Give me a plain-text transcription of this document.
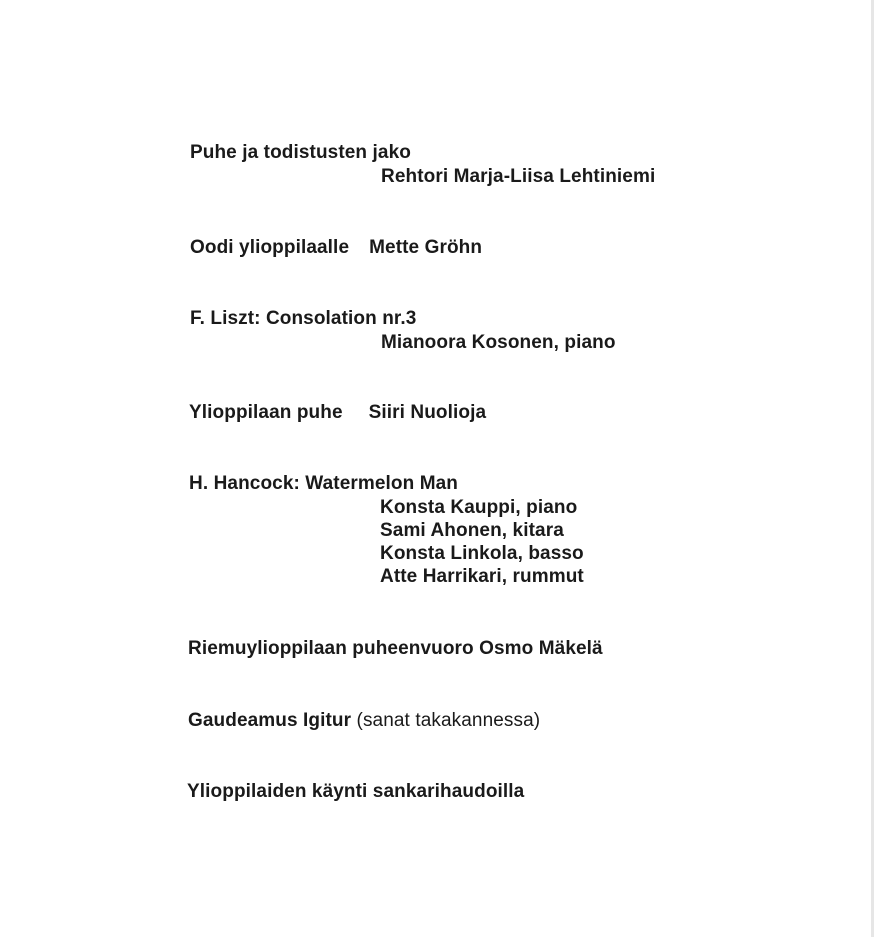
Puhe ja todistusten jako
Rehtori Marja-Liisa Lehtiniemi
Oodi ylioppilaalle Mette Gröhn
F. Liszt: Consolation nr.3
Mianoora Kosonen, piano
Ylioppilaan puhe Siiri Nuolioja
H. Hancock: Watermelon Man
Konsta Kauppi, piano
Sami Ahonen, kitara
Konsta Linkola, basso
Atte Harrikari, rummut
Riemuylioppilaan puheenvuoro Osmo Mäkelä
Gaudeamus Igitur (sanat takakannessa)
Ylioppilaiden käynti sankarihaudoilla
